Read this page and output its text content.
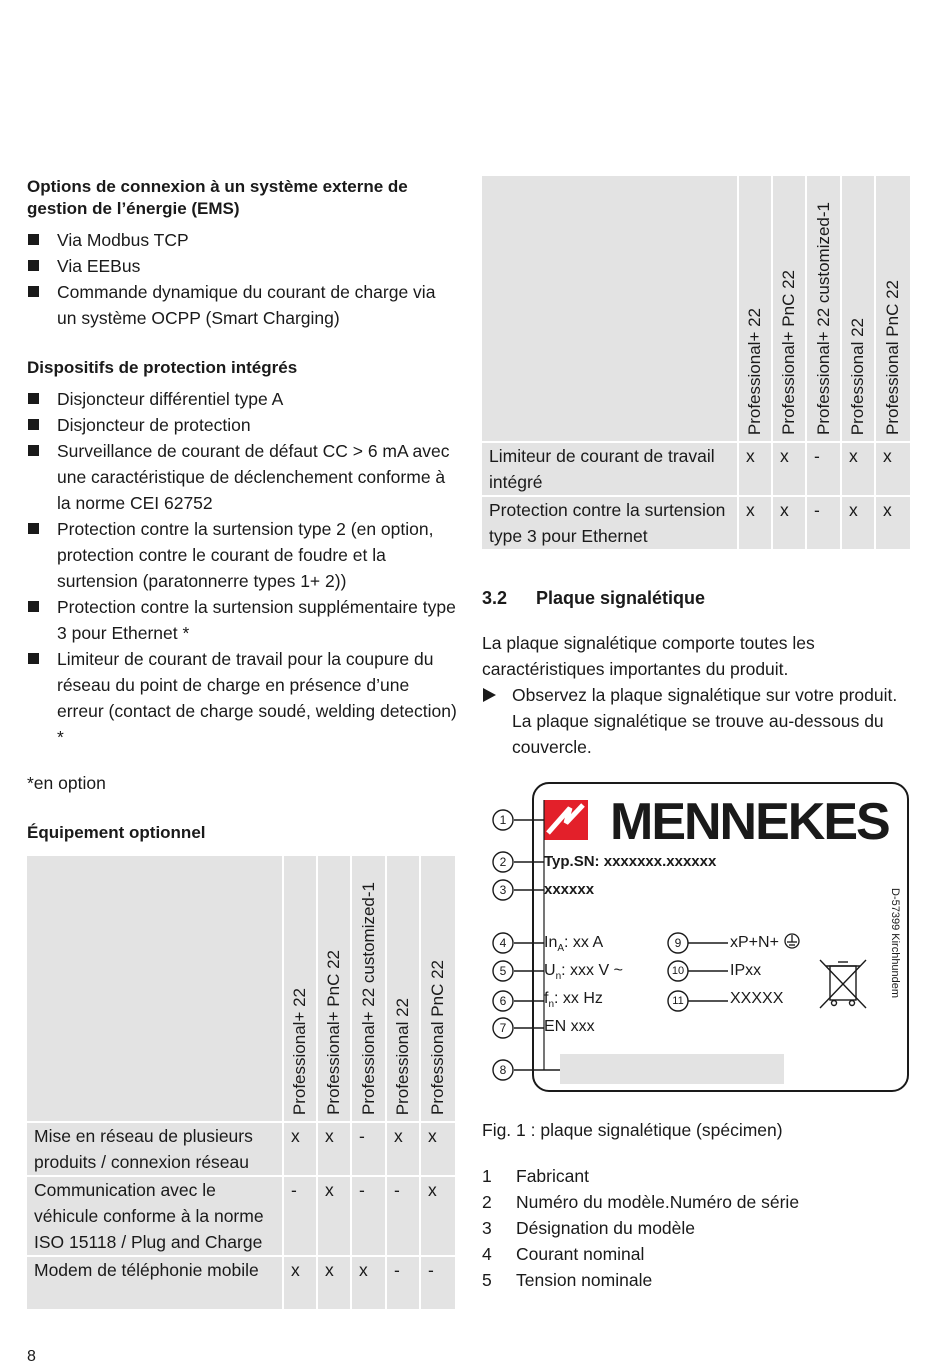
Options de connexion à un système externe de gestion de l’énergie (EMS)
Via Modbus TCP
Via EEBus
Commande dynamique du courant de charge via un système OCPP (Smart Charging)
Dispositifs de protection intégrés
Disjoncteur différentiel type A
Disjoncteur de protection
Surveillance de courant de défaut CC > 6 mA avec une caractéristique de déclenchement conforme à la norme CEI 62752
Protection contre la surtension type 2 (en option, protection contre le courant de foudre et la surtension (paratonnerre types 1+ 2))
Protection contre la surtension supplémentaire type 3 pour Ethernet *
Limiteur de courant de travail pour la coupure du réseau du point de charge en présence d’une erreur (contact de charge soudé, welding detection) *
*en option
Équipement optionnel

	Professional+ 22	Professional+ PnC 22	Professional+ 22 customized-1	Professional 22	Professional PnC 22

Mise en réseau de plusieurs produits / connexion réseau	x	x	-	x	x
Communication avec le véhicule conforme à la norme ISO 15118 / Plug and Charge	-	x	-	-	x
Modem de téléphonie mobile	x	x	x	-	-
8

	Professional+ 22	Professional+ PnC 22	Professional+ 22 customized-1	Professional 22	Professional PnC 22

Limiteur de courant de travail intégré	x	x	-	x	x
Protection contre la surtension type 3 pour Ethernet	x	x	-	x	x
3.2 Plaque signalétique
La plaque signalétique comporte toutes les caractéristiques importantes du produit.
Observez la plaque signalétique sur votre produit. La plaque signalétique se trouve au-dessous du couvercle.
1
2
3
4
5
6
7
8
9
10
11
MENNEKES
Typ.SN: xxxxxxx.xxxxxx
xxxxxx
$In_A$: xx A
$U_n$: xxx V ~
$f_n$: xx Hz
EN xxx
xP+N+
IPxx
XXXXX
D-57399 Kirchhundem
Fig. 1 : plaque signalétique (spécimen)
1 Fabricant
2 Numéro du modèle.Numéro de série
3 Désignation du modèle
4 Courant nominal
5 Tension nominale
